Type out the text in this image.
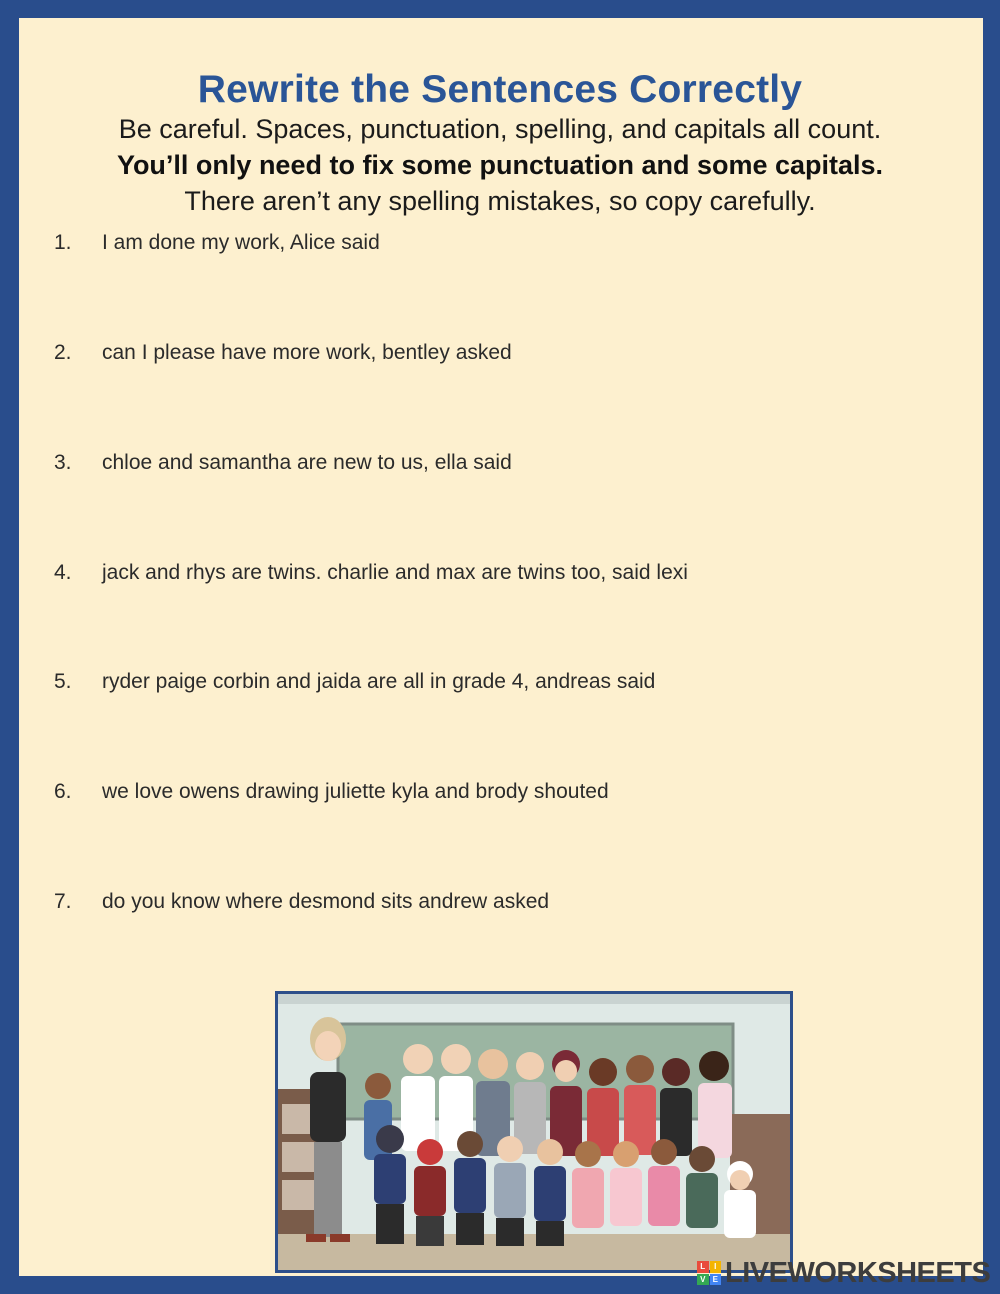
Rewrite the Sentences Correctly
Be careful. Spaces, punctuation, spelling, and capitals all count.
You’ll only need to fix some punctuation and some capitals.
There aren’t any spelling mistakes, so copy carefully.
1. I am done my work, Alice said
2. can I please have more work, bentley asked
3. chloe and samantha are new to us, ella said
4. jack and rhys are twins. charlie and max are twins too, said lexi
5. ryder paige corbin and jaida are all in grade 4, andreas said
6. we love owens drawing juliette kyla and brody shouted
7. do you know where desmond sits andrew asked
L	I
V E LIVEWORKSHEETS
